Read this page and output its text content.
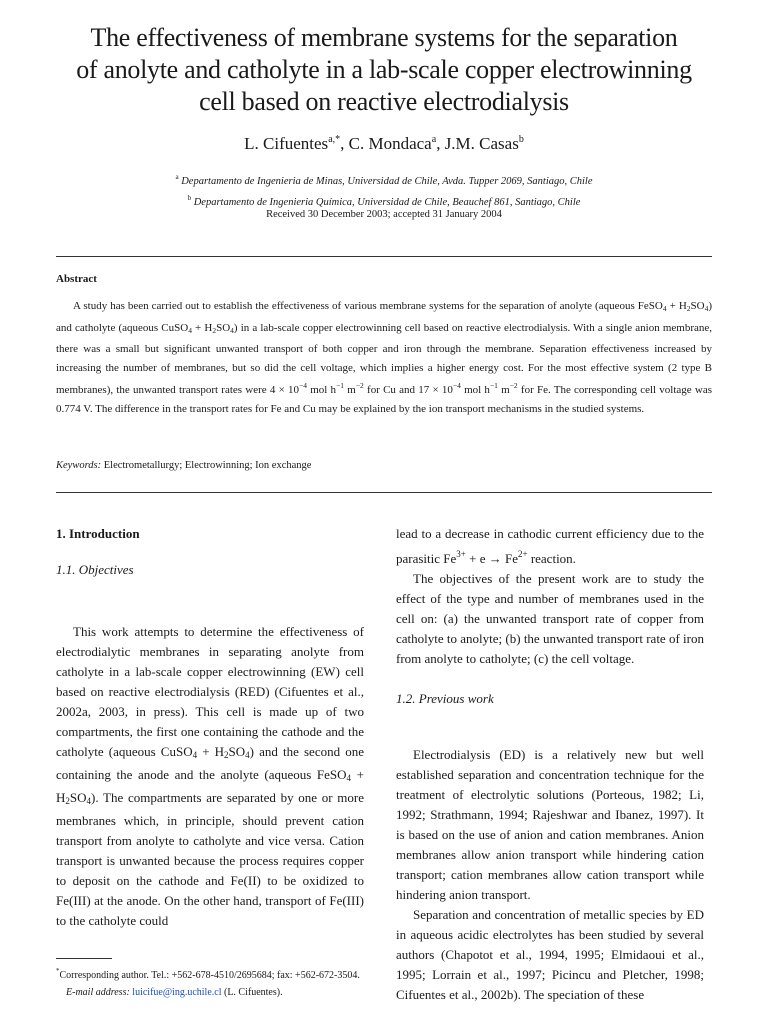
The effectiveness of membrane systems for the separation
of anolyte and catholyte in a lab-scale copper electrowinning
cell based on reactive electrodialysis
L. Cifuentes$^{a,*}$, C. Mondaca$^a$, J.M. Casas$^b$
$^a$ Departamento de Ingenieria de Minas, Universidad de Chile, Avda. Tupper 2069, Santiago, Chile
$^b$ Departamento de Ingenieria Química, Universidad de Chile, Beauchef 861, Santiago, Chile
Received 30 December 2003; accepted 31 January 2004
Abstract

A study has been carried out to establish the effectiveness of various membrane systems for the separation of anolyte (aqueous FeSO$_4$ + $H_2SO_4$) and catholyte (aqueous CuSO$_4$ + $H_2SO_4$) in a lab-scale copper electrowinning cell based on reactive electrodialysis. With a single anion membrane, there was a small but significant unwanted transport of both copper and iron through the membrane. Separation effectiveness increased by increasing the number of membranes, but so did the cell voltage, which implies a higher energy cost. For the most effective system (2 type B membranes), the unwanted transport rates were $4 \times 10^{-4}$ mol $h^{-1}$ $m^{-2}$ for Cu and $17 \times 10^{-4}$ mol $h^{-1}$ $m^{-2}$ for Fe. The corresponding cell voltage was 0.774 V. The difference in the transport rates for Fe and Cu may be explained by the ion transport mechanisms in the studied systems.

Keywords: Electrometallurgy; Electrowinning; Ion exchange
1. Introduction
1.1. Objectives

This work attempts to determine the effectiveness of electrodialytic membranes in separating anolyte from catholyte in a lab-scale copper electrowinning (EW) cell based on reactive electrodialysis (RED) (Cifuentes et al., 2002a, 2003, in press). This cell is made up of two compartments, the first one containing the cathode and the catholyte (aqueous CuSO$_4$ + $H_2SO_4$) and the second one containing the anode and the anolyte (aqueous FeSO$_4$ + $H_2SO_4$). The compartments are separated by one or more membranes which, in principle, should prevent cation transport from anolyte to catholyte and vice versa. Cation transport is unwanted because the process requires copper to deposit on the cathode and Fe(II) to be oxidized to Fe(III) at the anode. On the other hand, transport of Fe(III) to the catholyte could

lead to a decrease in cathodic current efficiency due to the parasitic $Fe^{3+} + e \to Fe^{2+}$ reaction.

The objectives of the present work are to study the effect of the type and number of membranes used in the cell on: (a) the unwanted transport rate of copper from catholyte to anolyte; (b) the unwanted transport rate of iron from anolyte to catholyte; (c) the cell voltage.

1.2. Previous work

Electrodialysis (ED) is a relatively new but well established separation and concentration technique for the treatment of electrolytic solutions (Porteous, 1982; Li, 1992; Strathmann, 1994; Rajeshwar and Ibanez, 1997). It is based on the use of anion and cation membranes. Anion membranes allow anion transport while hindering cation transport; cation membranes allow cation transport while hindering anion transport.

Separation and concentration of metallic species by ED in aqueous acidic electrolytes has been studied by several authors (Chapotot et al., 1994, 1995; Elmidaoui et al., 1995; Lorrain et al., 1997; Picincu and Pletcher, 1998; Cifuentes et al., 2002b). The speciation of these

*Corresponding author. Tel.: +562-678-4510/2695684; fax: +562-672-3504.

E-mail address: luicifue@ing.uchile.cl (L. Cifuentes).
